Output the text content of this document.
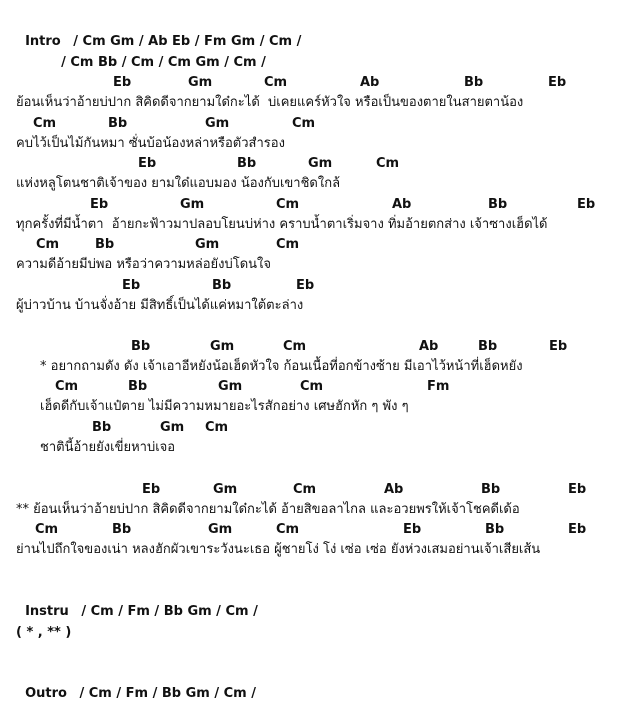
Intro / Cm Gm / Ab Eb / Fm Gm / Cm /

/ Cm Bb / Cm / Cm Gm / Cm /

Eb	Gm	Cm	Ab	Bb	Eb
ย้อนเห็นว่าอ้ายบ่ปาก สิคิดดีจากยามใด๋กะได้  บ่เคยแคร์หัวใจ หรือเป็นของตายในสายตาน้อง
Cm	Bb	Gm	Cm
คบไว้เป็นไม้กันหมา ซั่นบ้อน้องหล่าหรือตัวสำรอง
Eb	Bb	Gm	Cm
แห่งหลูโตนชาติเจ้าของ ยามใด๋แอบมอง น้องกับเขาชิดใกล้
Eb	Gm	Cm	Ab	Bb	Eb
ทุกครั้งที่มีน้ำตา  อ้ายกะฟ้าวมาปลอบโยนบ่ห่าง คราบน้ำตาเริ่มจาง ทิ่มอ้ายตกส่าง เจ้าซางเฮ็ดได้
Cm	Bb	Gm	Cm
ความดีอ้ายมีบ่พอ หรือว่าความหล่อยังบ่โดนใจ
Eb	Bb	Eb
ผู้บ่าวบ้าน บ้านจั่งอ้าย มีสิทธิ์เป็นได้แค่หมาใต้ตะล่าง
Bb	Gm	Cm	Ab	Bb	Eb
* อยากถามดัง ดัง เจ้าเอาอีหยังน้อเฮ็ดหัวใจ ก้อนเนื้อที่อกข้างซ้าย มีเอาไว้หน้าที่เฮ็ดหยัง
Cm	Bb	Gm	Cm	Fm
เฮ็ดดีกับเจ้าแป๋ตาย ไม่มีความหมายอะไรสักอย่าง เศษฮักหัก ๆ พัง ๆ
Bb	Gm Cm
ชาตินี้อ้ายยังเขี่ยหาบ่เจอ
Eb	Gm	Cm	Ab	Bb	Eb
** ย้อนเห็นว่าอ้ายบ่ปาก สิคิดดีจากยามใด๋กะได้ อ้ายสิขอลาไกล และอวยพรให้เจ้าโชคดีเด้อ
Cm	Bb	Gm	Cm	Eb	Bb	Eb
ย่านไปถึกใจของเน่า หลงฮักผัวเขาระวังนะเธอ ผู้ชายโง่ โง่ เซ่อ เซ่อ ยังห่วงเสมอย่านเจ้าเสียเส้น

Instru / Cm / Fm / Bb Gm / Cm /

( * , ** )

Outro / Cm / Fm / Bb Gm / Cm /
